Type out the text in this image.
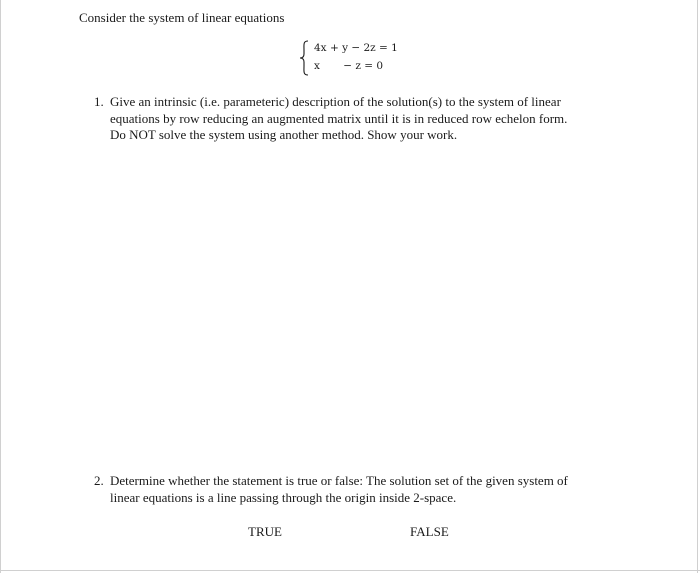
Consider the system of linear equations
4x + y − 2z = 1
x       − z = 0
1. Give an intrinsic (i.e. parameteric) description of the solution(s) to the system of linear
equations by row reducing an augmented matrix until it is in reduced row echelon form.
Do NOT solve the system using another method. Show your work.
2. Determine whether the statement is true or false: The solution set of the given system of
linear equations is a line passing through the origin inside 2-space.
TRUE	FALSE
